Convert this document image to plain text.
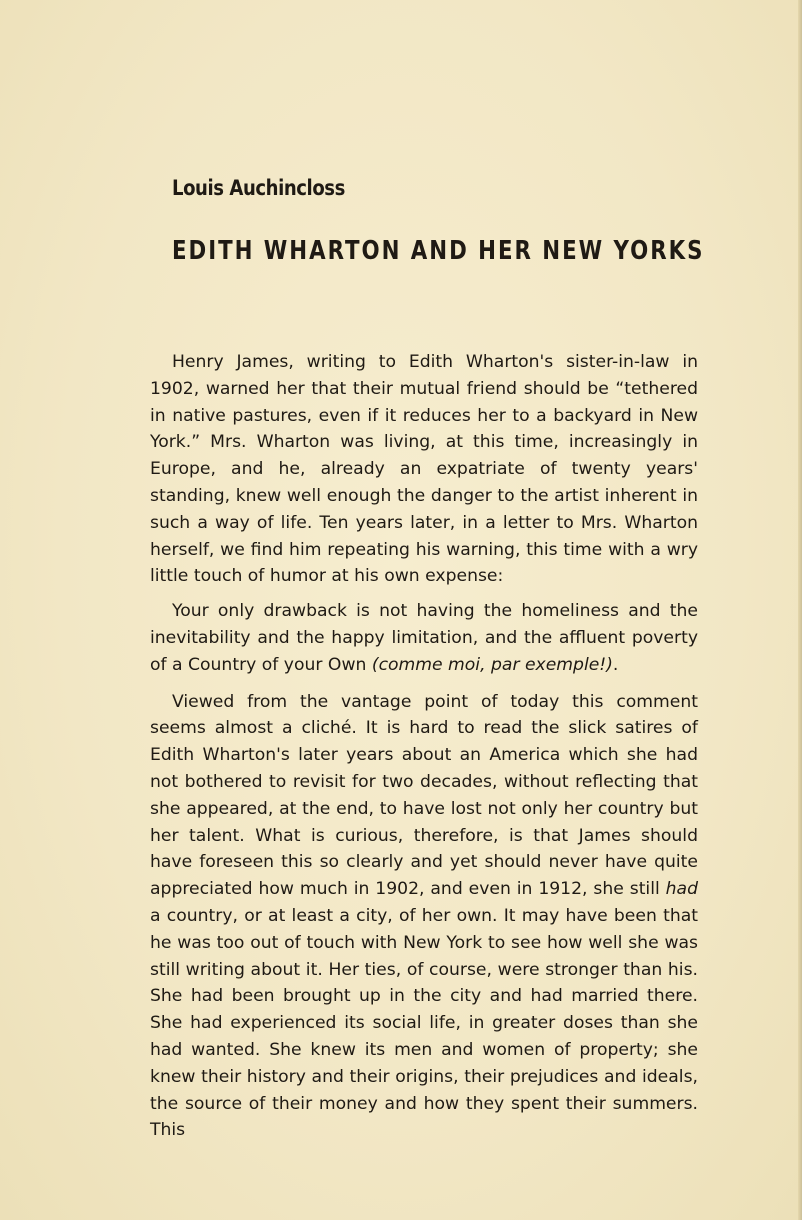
Louis Auchincloss
EDITH WHARTON AND HER NEW YORKS

Henry James, writing to Edith Wharton's sister-in-law in 1902, warned her that their mutual friend should be “tethered in native pastures, even if it reduces her to a backyard in New York.” Mrs. Wharton was living, at this time, increasingly in Europe, and he, already an expatriate of twenty years' standing, knew well enough the danger to the artist inherent in such a way of life. Ten years later, in a letter to Mrs. Wharton herself, we find him repeating his warning, this time with a wry little touch of humor at his own expense:

Your only drawback is not having the homeliness and the inevitability and the happy limitation, and the affluent poverty of a Country of your Own (comme moi, par exemple!).

Viewed from the vantage point of today this comment seems almost a cliché. It is hard to read the slick satires of Edith Wharton's later years about an America which she had not bothered to revisit for two decades, without reflecting that she appeared, at the end, to have lost not only her country but her talent. What is curious, therefore, is that James should have foreseen this so clearly and yet should never have quite appreciated how much in 1902, and even in 1912, she still had a country, or at least a city, of her own. It may have been that he was too out of touch with New York to see how well she was still writing about it. Her ties, of course, were stronger than his. She had been brought up in the city and had married there. She had experienced its social life, in greater doses than she had wanted. She knew its men and women of property; she knew their history and their origins, their prejudices and ideals, the source of their money and how they spent their summers. This
